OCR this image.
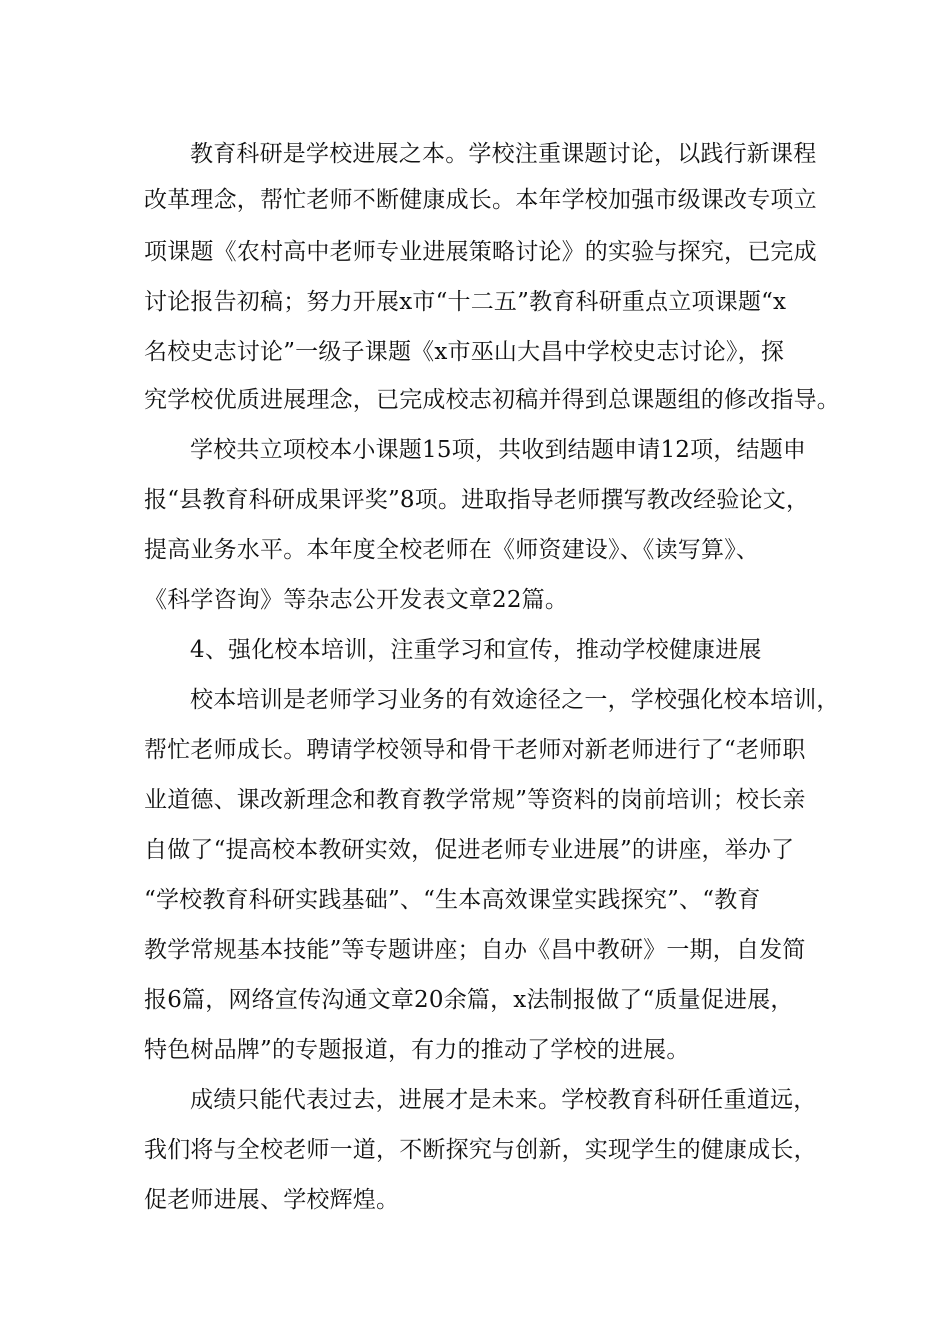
教育科研是学校进展之本。学校注重课题讨论，以践行新课程
改革理念，帮忙老师不断健康成长。本年学校加强市级课改专项立
项课题《农村高中老师专业进展策略讨论》的实验与探究，已完成
讨论报告初稿；努力开展x市“十二五”教育科研重点立项课题“x
名校史志讨论”一级子课题《x市巫山大昌中学校史志讨论》，探
究学校优质进展理念，已完成校志初稿并得到总课题组的修改指导。
学校共立项校本小课题15项，共收到结题申请12项，结题申
报“县教育科研成果评奖”8项。进取指导老师撰写教改经验论文，
提高业务水平。本年度全校老师在《师资建设》、《读写算》、
《科学咨询》等杂志公开发表文章22篇。
4、强化校本培训，注重学习和宣传，推动学校健康进展
校本培训是老师学习业务的有效途径之一，学校强化校本培训，
帮忙老师成长。聘请学校领导和骨干老师对新老师进行了“老师职
业道德、课改新理念和教育教学常规”等资料的岗前培训；校长亲
自做了“提高校本教研实效，促进老师专业进展”的讲座，举办了
“学校教育科研实践基础”、“生本高效课堂实践探究”、“教育
教学常规基本技能”等专题讲座；自办《昌中教研》一期，自发简
报6篇，网络宣传沟通文章20余篇，x法制报做了“质量促进展，
特色树品牌”的专题报道，有力的推动了学校的进展。
成绩只能代表过去，进展才是未来。学校教育科研任重道远，
我们将与全校老师一道，不断探究与创新，实现学生的健康成长，
促老师进展、学校辉煌。
